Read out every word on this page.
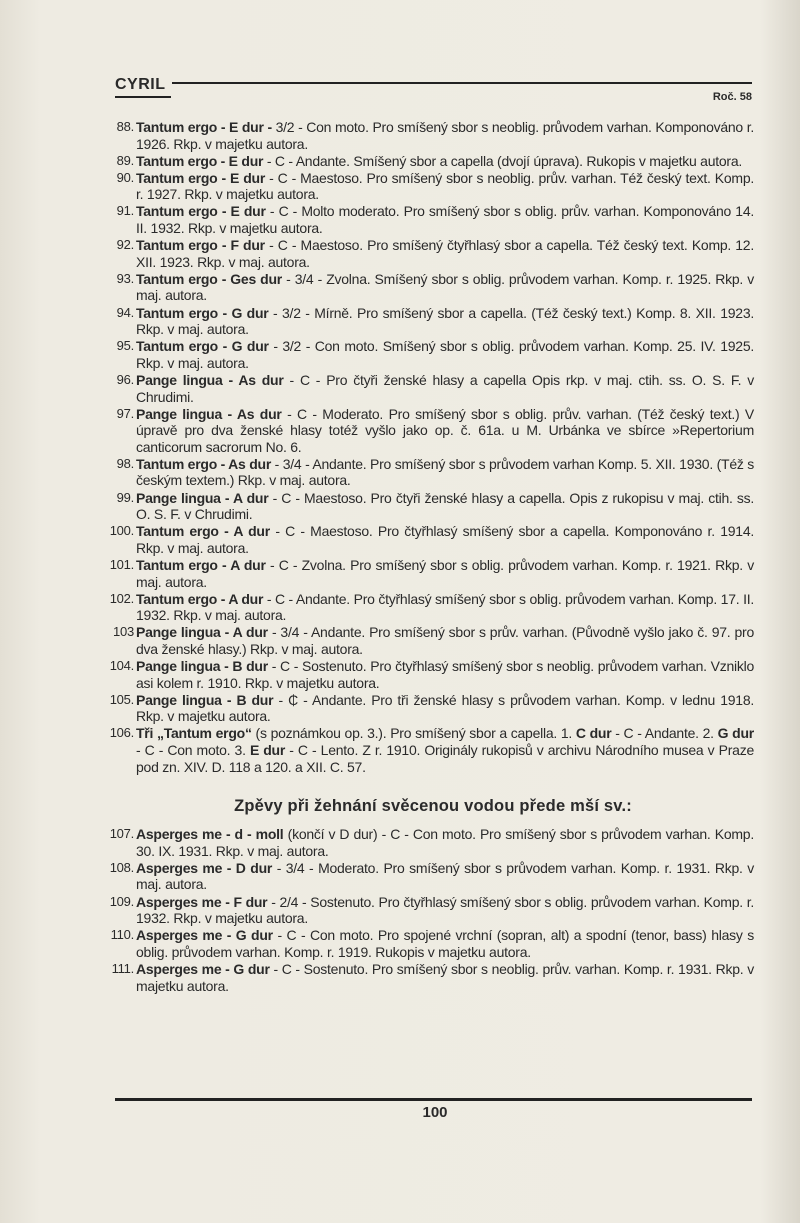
CYRIL
Roč. 58
88. Tantum ergo - E dur - 3/2 - Con moto. Pro smíšený sbor s neoblig. průvodem varhan. Komponováno r. 1926. Rkp. v majetku autora.
89. Tantum ergo - E dur - C - Andante. Smíšený sbor a capella (dvojí úprava). Rukopis v majetku autora.
90. Tantum ergo - E dur - C - Maestoso. Pro smíšený sbor s neoblig. prův. varhan. Též český text. Komp. r. 1927. Rkp. v majetku autora.
91. Tantum ergo - E dur - C - Molto moderato. Pro smíšený sbor s oblig. prův. varhan. Komponováno 14. II. 1932. Rkp. v majetku autora.
92. Tantum ergo - F dur - C - Maestoso. Pro smíšený čtyřhlasý sbor a capella. Též český text. Komp. 12. XII. 1923. Rkp. v maj. autora.
93. Tantum ergo - Ges dur - 3/4 - Zvolna. Smíšený sbor s oblig. průvodem varhan. Komp. r. 1925. Rkp. v maj. autora.
94. Tantum ergo - G dur - 3/2 - Mírně. Pro smíšený sbor a capella. (Též český text.) Komp. 8. XII. 1923. Rkp. v maj. autora.
95. Tantum ergo - G dur - 3/2 - Con moto. Smíšený sbor s oblig. průvodem varhan. Komp. 25. IV. 1925. Rkp. v maj. autora.
96. Pange lingua - As dur - C - Pro čtyři ženské hlasy a capella Opis rkp. v maj. ctih. ss. O. S. F. v Chrudimi.
97. Pange lingua - As dur - C - Moderato. Pro smíšený sbor s oblig. prův. varhan. (Též český text.) V úpravě pro dva ženské hlasy totéž vyšlo jako op. č. 61a. u M. Urbánka ve sbírce »Repertorium canticorum sacrorum No. 6.
98. Tantum ergo - As dur - 3/4 - Andante. Pro smíšený sbor s průvodem varhan Komp. 5. XII. 1930. (Též s českým textem.) Rkp. v maj. autora.
99. Pange lingua - A dur - C - Maestoso. Pro čtyři ženské hlasy a capella. Opis z rukopisu v maj. ctih. ss. O. S. F. v Chrudimi.
100. Tantum ergo - A dur - C - Maestoso. Pro čtyřhlasý smíšený sbor a capella. Komponováno r. 1914. Rkp. v maj. autora.
101. Tantum ergo - A dur - C - Zvolna. Pro smíšený sbor s oblig. průvodem varhan. Komp. r. 1921. Rkp. v maj. autora.
102. Tantum ergo - A dur - C - Andante. Pro čtyřhlasý smíšený sbor s oblig. průvodem varhan. Komp. 17. II. 1932. Rkp. v maj. autora.
103 Pange lingua - A dur - 3/4 - Andante. Pro smíšený sbor s prův. varhan. (Původně vyšlo jako č. 97. pro dva ženské hlasy.) Rkp. v maj. autora.
104. Pange lingua - B dur - C - Sostenuto. Pro čtyřhlasý smíšený sbor s neoblig. průvodem varhan. Vzniklo asi kolem r. 1910. Rkp. v majetku autora.
105. Pange lingua - B dur - ₵ - Andante. Pro tři ženské hlasy s průvodem varhan. Komp. v lednu 1918. Rkp. v majetku autora.
106. Tři „Tantum ergo“ (s poznámkou op. 3.). Pro smíšený sbor a capella. 1. C dur - C - Andante. 2. G dur - C - Con moto. 3. E dur - C - Lento. Z r. 1910. Originály rukopisů v archivu Národního musea v Praze pod zn. XIV. D. 118 a 120. a XII. C. 57.
Zpěvy při žehnání svěcenou vodou přede mší sv.:
107. Asperges me - d - moll (končí v D dur) - C - Con moto. Pro smíšený sbor s průvodem varhan. Komp. 30. IX. 1931. Rkp. v maj. autora.
108. Asperges me - D dur - 3/4 - Moderato. Pro smíšený sbor s průvodem varhan. Komp. r. 1931. Rkp. v maj. autora.
109. Asperges me - F dur - 2/4 - Sostenuto. Pro čtyřhlasý smíšený sbor s oblig. průvodem varhan. Komp. r. 1932. Rkp. v majetku autora.
110. Asperges me - G dur - C - Con moto. Pro spojené vrchní (sopran, alt) a spodní (tenor, bass) hlasy s oblig. průvodem varhan. Komp. r. 1919. Rukopis v majetku autora.
111. Asperges me - G dur - C - Sostenuto. Pro smíšený sbor s neoblig. prův. varhan. Komp. r. 1931. Rkp. v majetku autora.
100
